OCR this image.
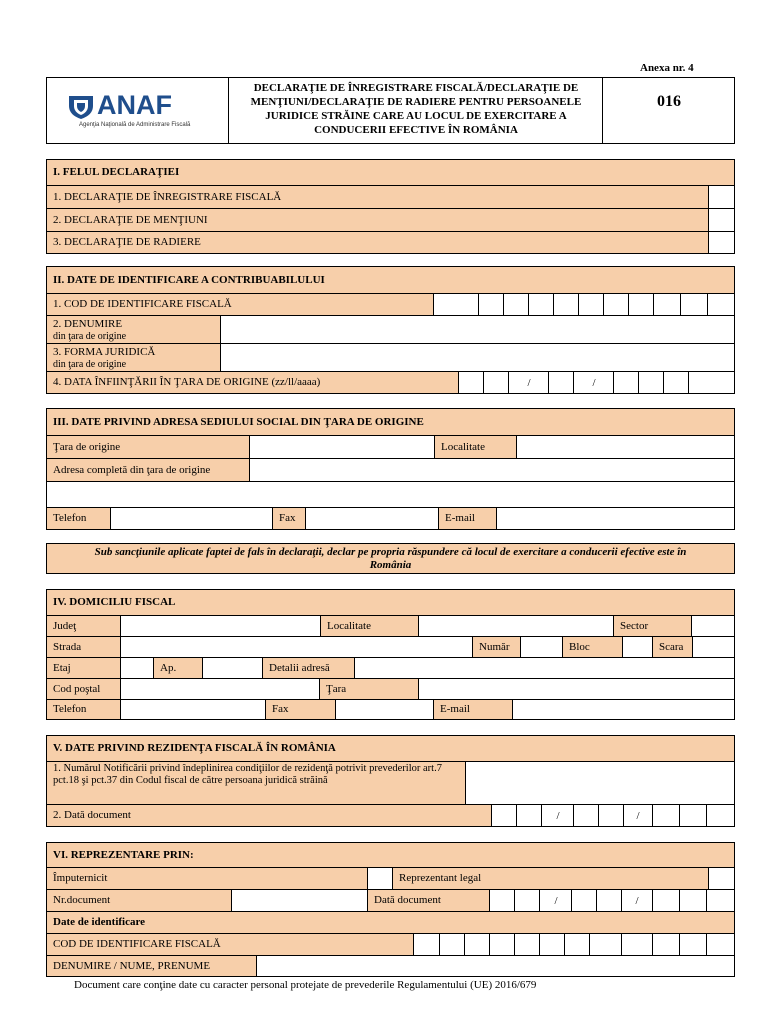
Anexa nr. 4
ANAF
Agenţia Naţională de Administrare Fiscală
DECLARAŢIE DE ÎNREGISTRARE FISCALĂ/DECLARAŢIE DE MENŢIUNI/DECLARAŢIE DE RADIERE PENTRU PERSOANELE JURIDICE STRĂINE CARE AU LOCUL DE EXERCITARE A CONDUCERII EFECTIVE ÎN ROMÂNIA
016
I. FELUL DECLARAŢIEI
1. DECLARAŢIE DE ÎNREGISTRARE FISCALĂ
2. DECLARAŢIE DE MENŢIUNI
3. DECLARAŢIE DE RADIERE
II. DATE DE IDENTIFICARE A CONTRIBUABILULUI
1. COD DE IDENTIFICARE FISCALĂ
2. DENUMIRE
din ţara de origine
3. FORMA JURIDICĂ
din ţara de origine
4. DATA ÎNFIINŢĂRII ÎN ŢARA DE ORIGINE (zz/ll/aaaa)	/	/
III. DATE PRIVIND ADRESA SEDIULUI SOCIAL DIN ŢARA DE ORIGINE
Ţara de origine	Localitate
Adresa completă din ţara de origine
Telefon	Fax	E-mail
Sub sancţiunile aplicate faptei de fals în declaraţii, declar pe propria răspundere că locul de exercitare a conducerii efective este în România
IV. DOMICILIU FISCAL
Judeţ	Localitate	Sector
Strada	Număr	Bloc	Scara
Etaj	Ap.	Detalii adresă
Cod poştal	Ţara
Telefon	Fax	E-mail
V. DATE PRIVIND REZIDENŢA FISCALĂ ÎN ROMÂNIA
1. Numărul Notificării privind îndeplinirea condiţiilor de rezidenţă potrivit prevederilor art.7 pct.18 şi pct.37 din Codul fiscal de către persoana juridică străină
2. Dată document	/	/
VI. REPREZENTARE PRIN:
Împuternicit	Reprezentant legal
Nr.document	Dată document	/	/
Date de identificare
COD DE IDENTIFICARE FISCALĂ
DENUMIRE / NUME, PRENUME
Document care conţine date cu caracter personal protejate de prevederile Regulamentului (UE) 2016/679
